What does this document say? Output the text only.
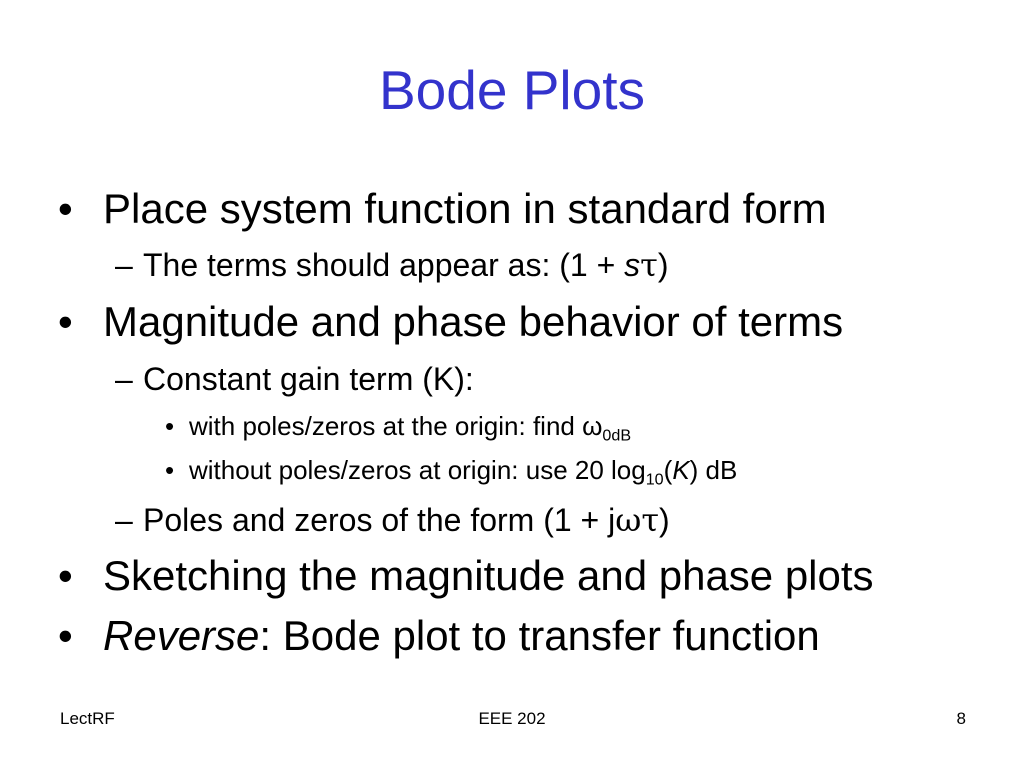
Bode Plots
• Place system function in standard form
– The terms should appear as: (1 + sτ)
• Magnitude and phase behavior of terms
– Constant gain term (K):
• with poles/zeros at the origin: find $\omega_{0dB}$
• without poles/zeros at origin: use 20 $\log_{10}(K)$ dB
– Poles and zeros of the form (1 + jωτ)
• Sketching the magnitude and phase plots
• Reverse: Bode plot to transfer function
LectRF	EEE 202	8
